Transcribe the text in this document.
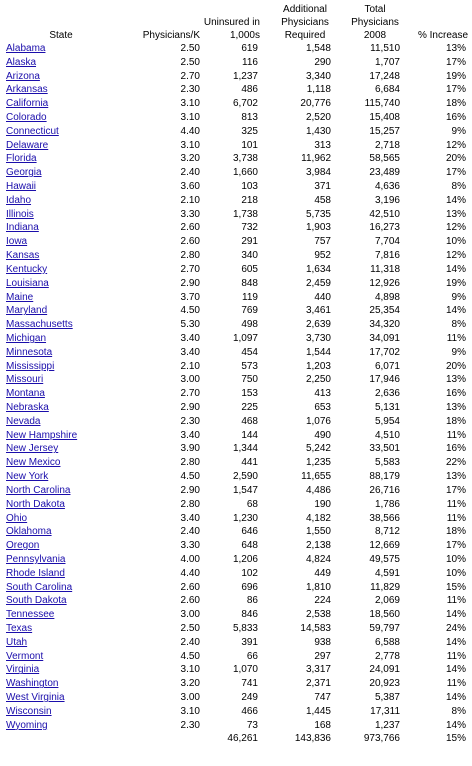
State	Physicians/K	Uninsured in 1,000s	Additional Physicians Required	Total Physicians 2008	% Increase
Alabama	2.50	619	1,548	11,510	13%
Alaska	2.50	116	290	1,707	17%
Arizona	2.70	1,237	3,340	17,248	19%
Arkansas	2.30	486	1,118	6,684	17%
California	3.10	6,702	20,776	115,740	18%
Colorado	3.10	813	2,520	15,408	16%
Connecticut	4.40	325	1,430	15,257	9%
Delaware	3.10	101	313	2,718	12%
Florida	3.20	3,738	11,962	58,565	20%
Georgia	2.40	1,660	3,984	23,489	17%
Hawaii	3.60	103	371	4,636	8%
Idaho	2.10	218	458	3,196	14%
Illinois	3.30	1,738	5,735	42,510	13%
Indiana	2.60	732	1,903	16,273	12%
Iowa	2.60	291	757	7,704	10%
Kansas	2.80	340	952	7,816	12%
Kentucky	2.70	605	1,634	11,318	14%
Louisiana	2.90	848	2,459	12,926	19%
Maine	3.70	119	440	4,898	9%
Maryland	4.50	769	3,461	25,354	14%
Massachusetts	5.30	498	2,639	34,320	8%
Michigan	3.40	1,097	3,730	34,091	11%
Minnesota	3.40	454	1,544	17,702	9%
Mississippi	2.10	573	1,203	6,071	20%
Missouri	3.00	750	2,250	17,946	13%
Montana	2.70	153	413	2,636	16%
Nebraska	2.90	225	653	5,131	13%
Nevada	2.30	468	1,076	5,954	18%
New Hampshire	3.40	144	490	4,510	11%
New Jersey	3.90	1,344	5,242	33,501	16%
New Mexico	2.80	441	1,235	5,583	22%
New York	4.50	2,590	11,655	88,179	13%
North Carolina	2.90	1,547	4,486	26,716	17%
North Dakota	2.80	68	190	1,786	11%
Ohio	3.40	1,230	4,182	38,566	11%
Oklahoma	2.40	646	1,550	8,712	18%
Oregon	3.30	648	2,138	12,669	17%
Pennsylvania	4.00	1,206	4,824	49,575	10%
Rhode Island	4.40	102	449	4,591	10%
South Carolina	2.60	696	1,810	11,829	15%
South Dakota	2.60	86	224	2,069	11%
Tennessee	3.00	846	2,538	18,560	14%
Texas	2.50	5,833	14,583	59,797	24%
Utah	2.40	391	938	6,588	14%
Vermont	4.50	66	297	2,778	11%
Virginia	3.10	1,070	3,317	24,091	14%
Washington	3.20	741	2,371	20,923	11%
West Virginia	3.00	249	747	5,387	14%
Wisconsin	3.10	466	1,445	17,311	8%
Wyoming	2.30	73	168	1,237	14%
		46,261	143,836	973,766	15%
